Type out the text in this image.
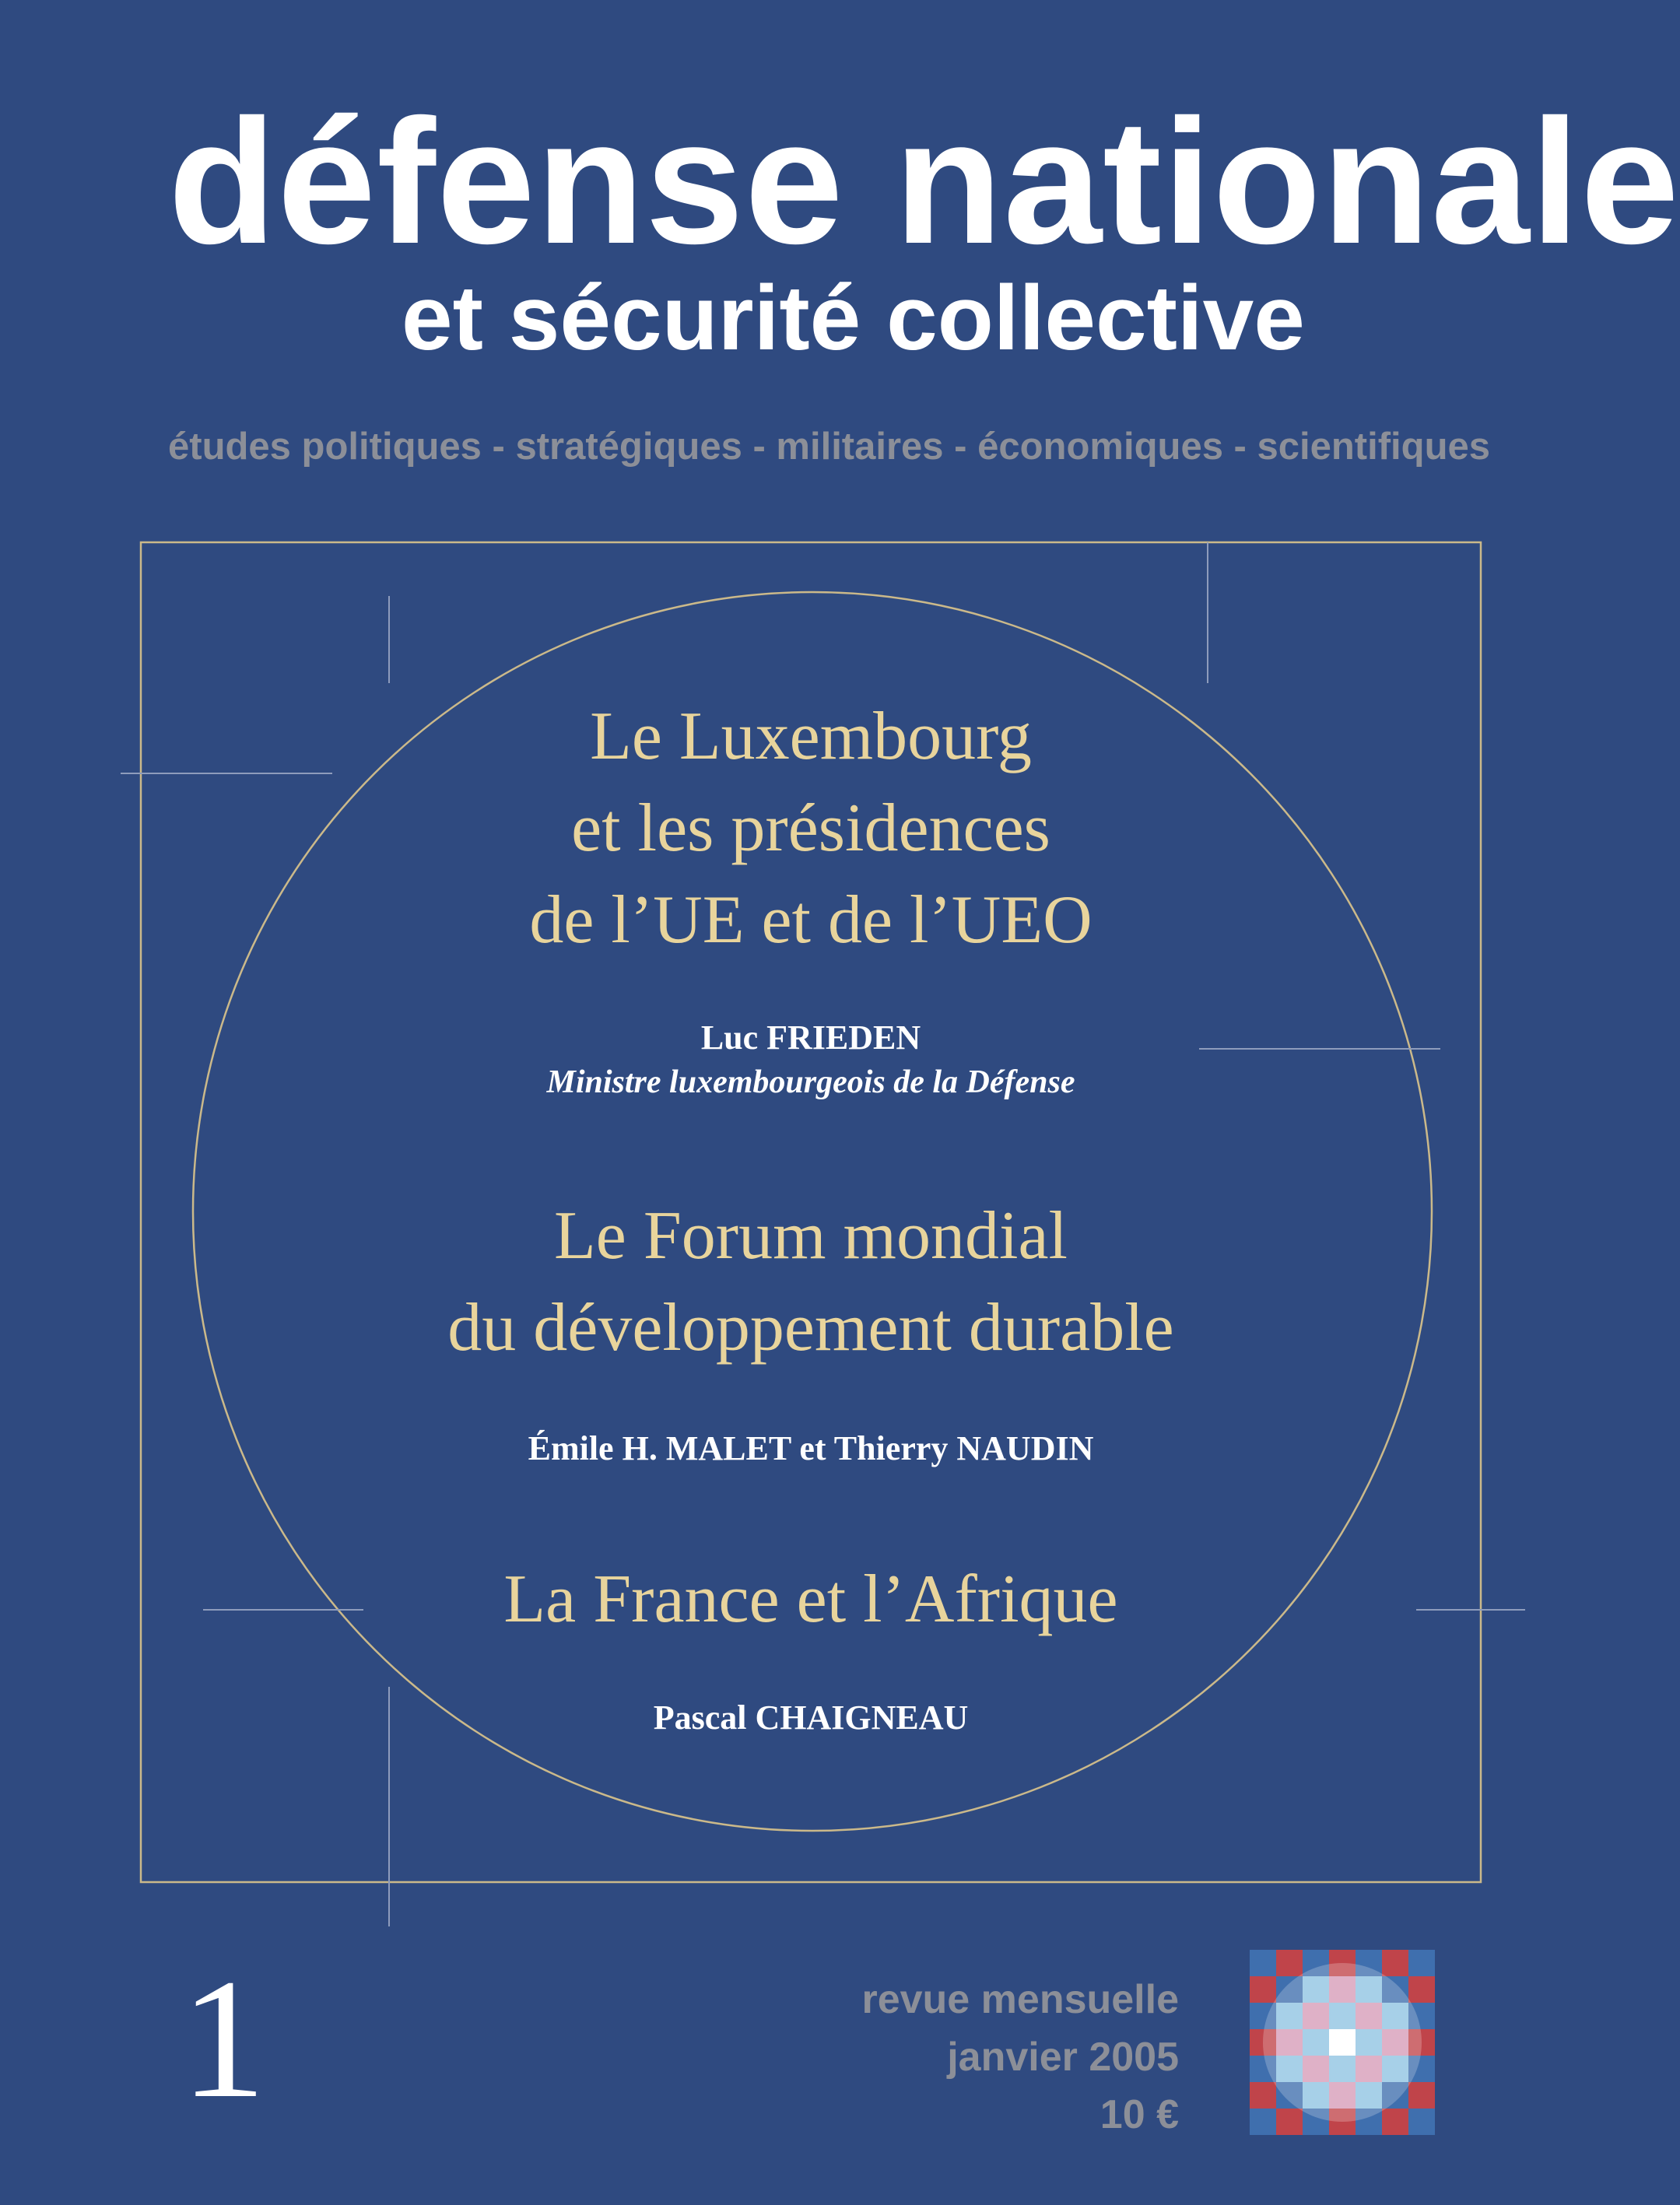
défense nationale
et sécurité collective
études politiques - stratégiques - militaires - économiques - scientifiques
Le Luxembourg
et les présidences
de l’UE et de l’UEO
Luc FRIEDEN
Ministre luxembourgeois de la Défense
Le Forum mondial
du développement durable
Émile H. MALET et Thierry NAUDIN
La France et l’Afrique
Pascal CHAIGNEAU
1	revue mensuelle
janvier 2005
10 €
